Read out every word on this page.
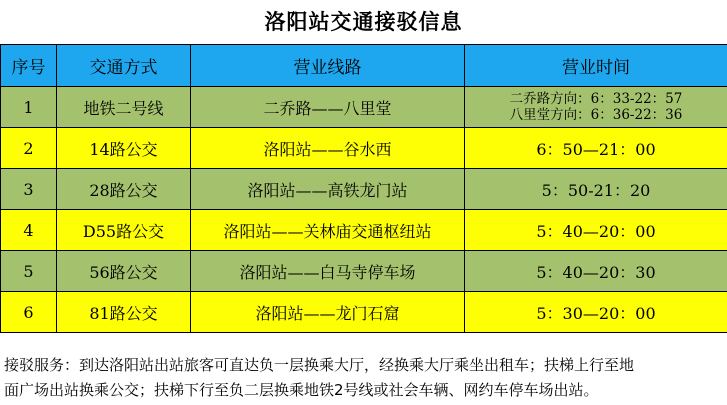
洛阳站交通接驳信息
序号	交通方式	营业线路	营业时间
1	地铁二号线	二乔路——八里堂	二乔路方向：6：33-22：57
八里堂方向：6：36-22：36

2	14路公交	洛阳站——谷水西	6：50—21：00
3	28路公交	洛阳站——高铁龙门站	5：50-21：20
4	D55路公交	洛阳站——关林庙交通枢纽站	5：40—20：00
5	56路公交	洛阳站——白马寺停车场	5：40—20：30
6	81路公交	洛阳站——龙门石窟	5：30—20：00
接驳服务：到达洛阳站出站旅客可直达负一层换乘大厅，经换乘大厅乘坐出租车；扶梯上行至地
面广场出站换乘公交；扶梯下行至负二层换乘地铁2号线或社会车辆、网约车停车场出站。
